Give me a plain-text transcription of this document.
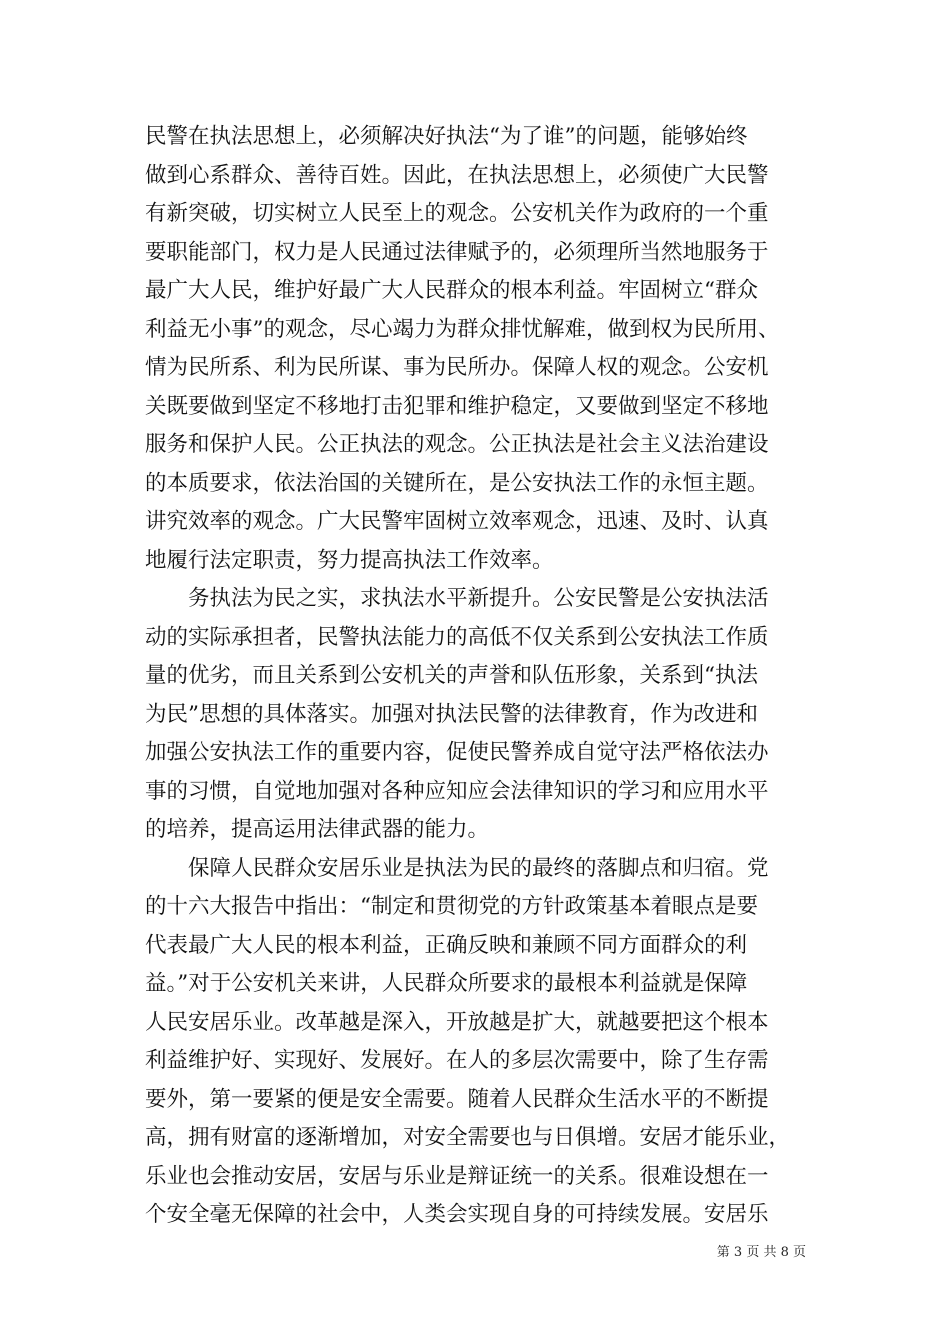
民警在执法思想上，必须解决好执法“为了谁”的问题，能够始终
做到心系群众、善待百姓。因此，在执法思想上，必须使广大民警
有新突破，切实树立人民至上的观念。公安机关作为政府的一个重
要职能部门，权力是人民通过法律赋予的，必须理所当然地服务于
最广大人民，维护好最广大人民群众的根本利益。牢固树立“群众
利益无小事”的观念，尽心竭力为群众排忧解难，做到权为民所用、
情为民所系、利为民所谋、事为民所办。保障人权的观念。公安机
关既要做到坚定不移地打击犯罪和维护稳定，又要做到坚定不移地
服务和保护人民。公正执法的观念。公正执法是社会主义法治建设
的本质要求，依法治国的关键所在，是公安执法工作的永恒主题。
讲究效率的观念。广大民警牢固树立效率观念，迅速、及时、认真
地履行法定职责，努力提高执法工作效率。
　　务执法为民之实，求执法水平新提升。公安民警是公安执法活
动的实际承担者，民警执法能力的高低不仅关系到公安执法工作质
量的优劣，而且关系到公安机关的声誉和队伍形象，关系到“执法
为民”思想的具体落实。加强对执法民警的法律教育，作为改进和
加强公安执法工作的重要内容，促使民警养成自觉守法严格依法办
事的习惯，自觉地加强对各种应知应会法律知识的学习和应用水平
的培养，提高运用法律武器的能力。
　　保障人民群众安居乐业是执法为民的最终的落脚点和归宿。党
的十六大报告中指出：“制定和贯彻党的方针政策基本着眼点是要
代表最广大人民的根本利益，正确反映和兼顾不同方面群众的利
益。”对于公安机关来讲，人民群众所要求的最根本利益就是保障
人民安居乐业。改革越是深入，开放越是扩大，就越要把这个根本
利益维护好、实现好、发展好。在人的多层次需要中，除了生存需
要外，第一要紧的便是安全需要。随着人民群众生活水平的不断提
高，拥有财富的逐渐增加，对安全需要也与日俱增。安居才能乐业，
乐业也会推动安居，安居与乐业是辩证统一的关系。很难设想在一
个安全毫无保障的社会中，人类会实现自身的可持续发展。安居乐
第 3 页 共 8 页
